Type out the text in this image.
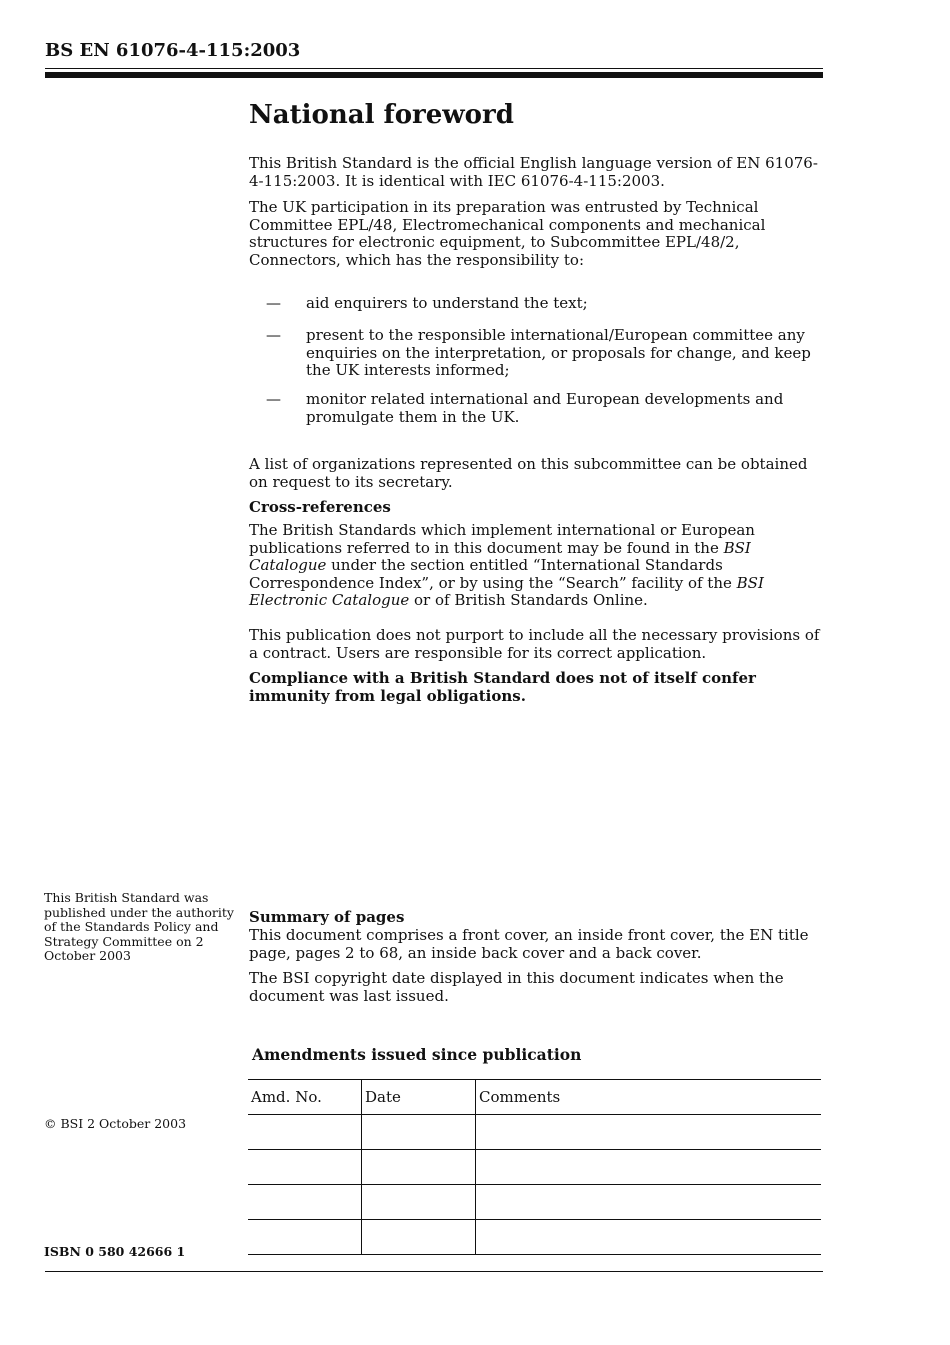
BS EN 61076-4-115:2003
National foreword

This British Standard is the official English language version of EN 61076-4-115:2003. It is identical with IEC 61076-4-115:2003.

The UK participation in its preparation was entrusted by Technical Committee EPL/48, Electromechanical components and mechanical structures for electronic equipment, to Subcommittee EPL/48/2, Connectors, which has the responsibility to:

— aid enquirers to understand the text;
— present to the responsible international/European committee any enquiries on the interpretation, or proposals for change, and keep the UK interests informed;
— monitor related international and European developments and promulgate them in the UK.

A list of organizations represented on this subcommittee can be obtained on request to its secretary.

Cross-references

The British Standards which implement international or European publications referred to in this document may be found in the BSI Catalogue under the section entitled “International Standards Correspondence Index”, or by using the “Search” facility of the BSI Electronic Catalogue or of British Standards Online.

This publication does not purport to include all the necessary provisions of a contract. Users are responsible for its correct application.

Compliance with a British Standard does not of itself confer immunity from legal obligations.

This British Standard was published under the authority of the Standards Policy and Strategy Committee on 2 October 2003

Summary of pages

This document comprises a front cover, an inside front cover, the EN title page, pages 2 to 68, an inside back cover and a back cover.

The BSI copyright date displayed in this document indicates when the document was last issued.

Amendments issued since publication
Amd. No.	Date	Comments

© BSI 2 October 2003
ISBN 0 580 42666 1
